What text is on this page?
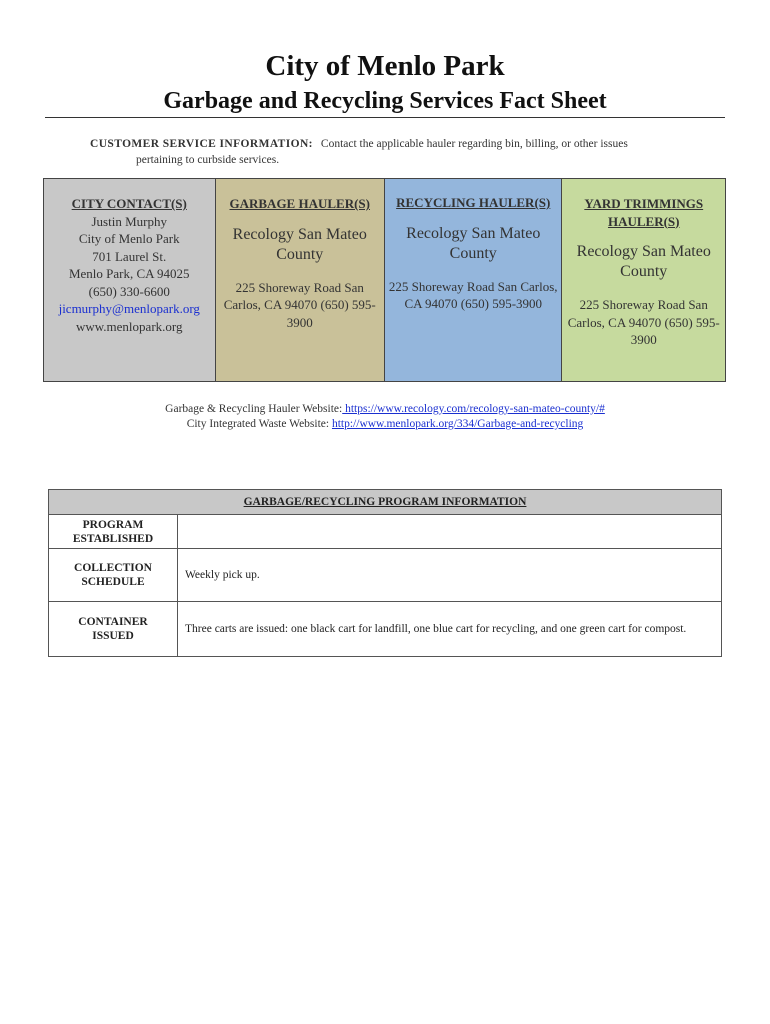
City of Menlo Park
Garbage and Recycling Services Fact Sheet
CUSTOMER SERVICE INFORMATION: Contact the applicable hauler regarding bin, billing, or other issues
pertaining to curbside services.
CITY CONTACT(S)
Justin Murphy
City of Menlo Park
701 Laurel St.
Menlo Park, CA 94025
(650) 330-6600
jicmurphy@menlopark.org
www.menlopark.org
GARBAGE HAULER(S)
Recology San Mateo County
225 Shoreway Road San Carlos, CA 94070 (650) 595-3900
RECYCLING HAULER(S)
Recology San Mateo County
225 Shoreway Road San Carlos, CA 94070 (650) 595-3900
YARD TRIMMINGS HAULER(S)
Recology San Mateo County
225 Shoreway Road San Carlos, CA 94070 (650) 595-3900
Garbage & Recycling Hauler Website: https://www.recology.com/recology-san-mateo-county/#
City Integrated Waste Website: http://www.menlopark.org/334/Garbage-and-recycling
GARBAGE/RECYCLING PROGRAM INFORMATION	

PROGRAM
ESTABLISHED	

COLLECTION
SCHEDULE	Weekly pick up.

CONTAINER
ISSUED	Three carts are issued: one black cart for landfill, one blue cart for recycling, and one green cart for compost.
